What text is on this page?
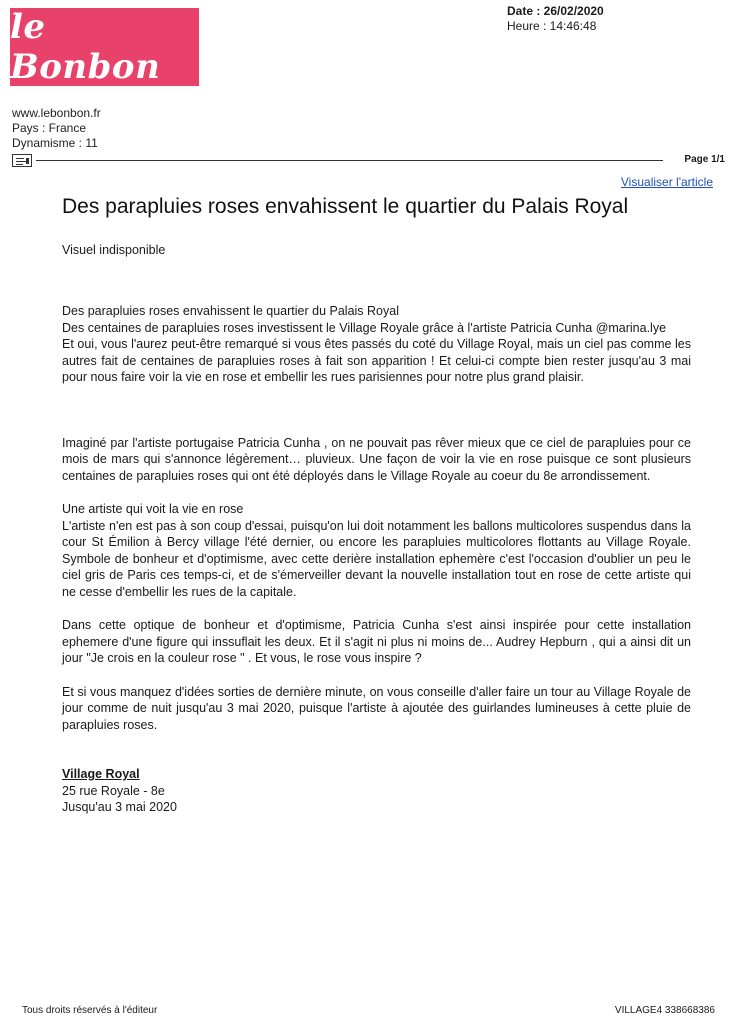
le Bonbon
Date : 26/02/2020
Heure : 14:46:48
www.lebonbon.fr
Pays : France
Dynamisme : 11
Page 1/1
Visualiser l'article
Des parapluies roses envahissent le quartier du Palais Royal
Visuel indisponible

Des parapluies roses envahissent le quartier du Palais Royal

Des centaines de parapluies roses investissent le Village Royale grâce à l'artiste Patricia Cunha @marina.lye

Et oui, vous l'aurez peut-être remarqué si vous êtes passés du coté du Village Royal, mais un ciel pas comme les autres fait de centaines de parapluies roses à fait son apparition ! Et celui-ci compte bien rester jusqu'au 3 mai pour nous faire voir la vie en rose et embellir les rues parisiennes pour notre plus grand plaisir.

Imaginé par l'artiste portugaise Patricia Cunha , on ne pouvait pas rêver mieux que ce ciel de parapluies pour ce mois de mars qui s'annonce légèrement… pluvieux. Une façon de voir la vie en rose puisque ce sont plusieurs centaines de parapluies roses qui ont été déployés dans le Village Royale au coeur du 8e arrondissement.

Une artiste qui voit la vie en rose

L'artiste n'en est pas à son coup d'essai, puisqu'on lui doit notamment les ballons multicolores suspendus dans la cour St Émilion à Bercy village l'été dernier, ou encore les parapluies multicolores flottants au Village Royale. Symbole de bonheur et d'optimisme, avec cette derière installation ephemère c'est l'occasion d'oublier un peu le ciel gris de Paris ces temps-ci, et de s'émerveiller devant la nouvelle installation tout en rose de cette artiste qui ne cesse d'embellir les rues de la capitale.

Dans cette optique de bonheur et d'optimisme, Patricia Cunha s'est ainsi inspirée pour cette installation ephemere d'une figure qui inssuflait les deux. Et il s'agit ni plus ni moins de... Audrey Hepburn , qui a ainsi dit un jour "Je crois en la couleur rose " . Et vous, le rose vous inspire ?

Et si vous manquez d'idées sorties de dernière minute, on vous conseille d'aller faire un tour au Village Royale de jour comme de nuit jusqu'au 3 mai 2020, puisque l'artiste à ajoutée des guirlandes lumineuses à cette pluie de parapluies roses.

Village Royal
25 rue Royale - 8e
Jusqu'au 3 mai 2020
Tous droits réservés à l'éditeur	VILLAGE4 338668386
